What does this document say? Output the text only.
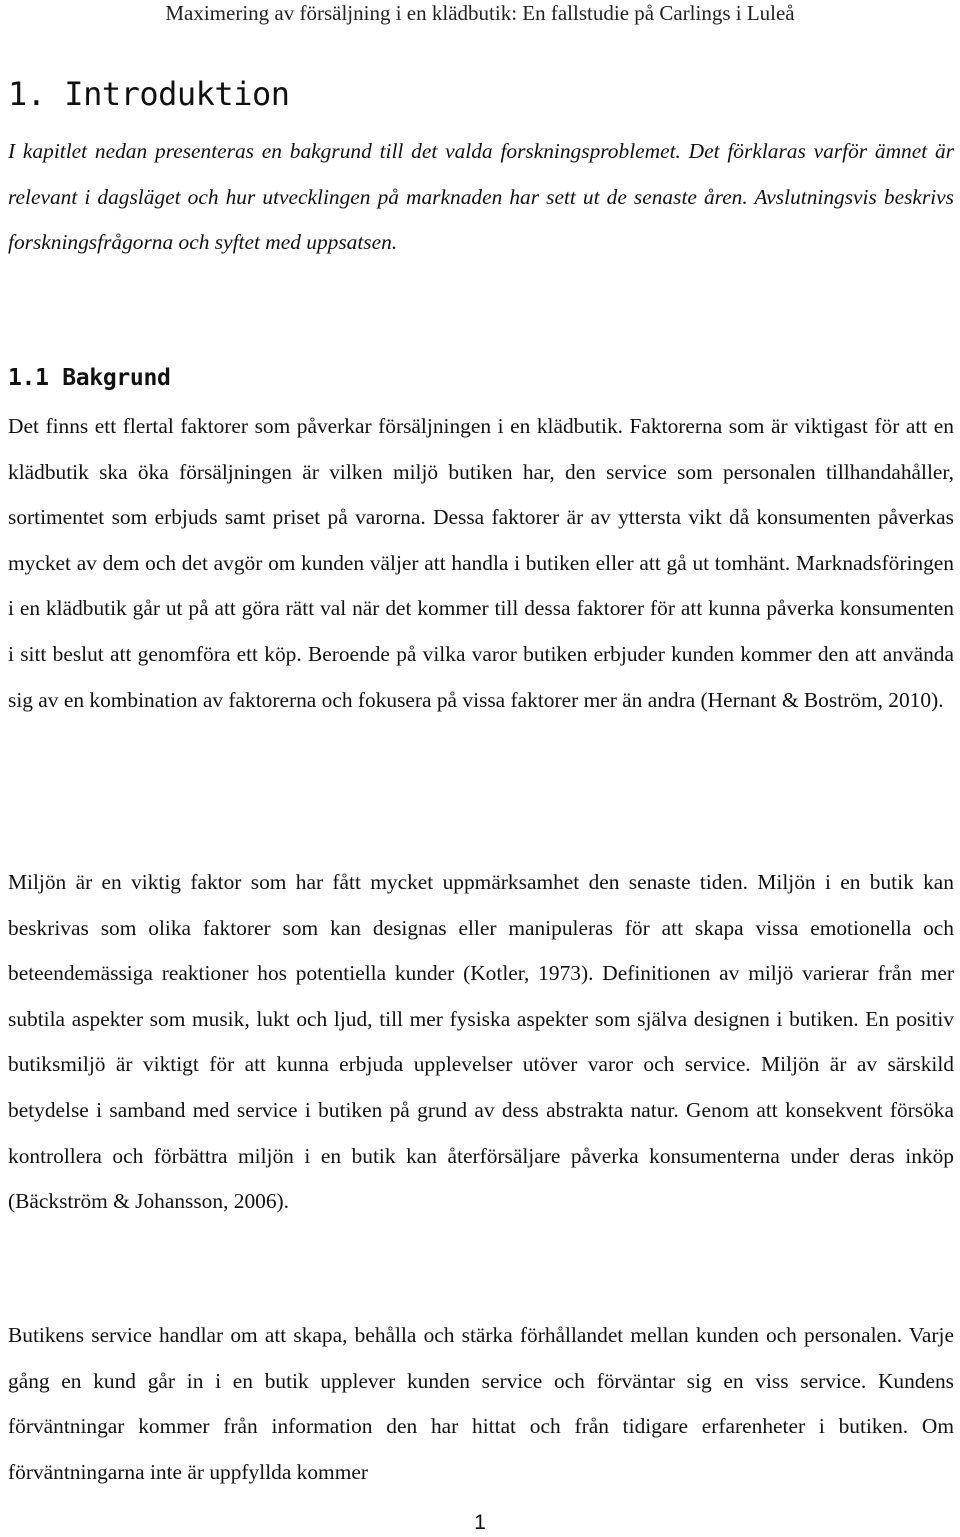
Maximering av försäljning i en klädbutik: En fallstudie på Carlings i Luleå
1. Introduktion

I kapitlet nedan presenteras en bakgrund till det valda forskningsproblemet. Det förklaras varför ämnet är relevant i dagsläget och hur utvecklingen på marknaden har sett ut de senaste åren. Avslutningsvis beskrivs forskningsfrågorna och syftet med uppsatsen.

1.1 Bakgrund

Det finns ett flertal faktorer som påverkar försäljningen i en klädbutik. Faktorerna som är viktigast för att en klädbutik ska öka försäljningen är vilken miljö butiken har, den service som personalen tillhandahåller, sortimentet som erbjuds samt priset på varorna. Dessa faktorer är av yttersta vikt då konsumenten påverkas mycket av dem och det avgör om kunden väljer att handla i butiken eller att gå ut tomhänt. Marknadsföringen i en klädbutik går ut på att göra rätt val när det kommer till dessa faktorer för att kunna påverka konsumenten i sitt beslut att genomföra ett köp. Beroende på vilka varor butiken erbjuder kunden kommer den att använda sig av en kombination av faktorerna och fokusera på vissa faktorer mer än andra (Hernant & Boström, 2010).

Miljön är en viktig faktor som har fått mycket uppmärksamhet den senaste tiden. Miljön i en butik kan beskrivas som olika faktorer som kan designas eller manipuleras för att skapa vissa emotionella och beteendemässiga reaktioner hos potentiella kunder (Kotler, 1973). Definitionen av miljö varierar från mer subtila aspekter som musik, lukt och ljud, till mer fysiska aspekter som själva designen i butiken. En positiv butiksmiljö är viktigt för att kunna erbjuda upplevelser utöver varor och service. Miljön är av särskild betydelse i samband med service i butiken på grund av dess abstrakta natur. Genom att konsekvent försöka kontrollera och förbättra miljön i en butik kan återförsäljare påverka konsumenterna under deras inköp (Bäckström & Johansson, 2006).

Butikens service handlar om att skapa, behålla och stärka förhållandet mellan kunden och personalen. Varje gång en kund går in i en butik upplever kunden service och förväntar sig en viss service. Kundens förväntningar kommer från information den har hittat och från tidigare erfarenheter i butiken. Om förväntningarna inte är uppfyllda kommer

1
